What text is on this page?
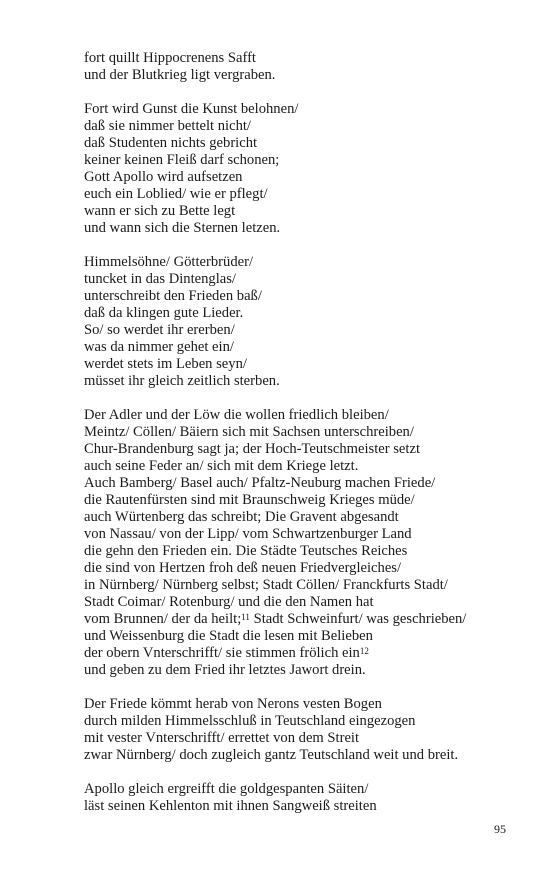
fort quillt Hippocrenens Safft
und der Blutkrieg ligt vergraben.
Fort wird Gunst die Kunst belohnen/
daß sie nimmer bettelt nicht/
daß Studenten nichts gebricht
keiner keinen Fleiß darf schonen;
Gott Apollo wird aufsetzen
euch ein Loblied/ wie er pflegt/
wann er sich zu Bette legt
und wann sich die Sternen letzen.
Himmelsöhne/ Götterbrüder/
tuncket in das Dintenglas/
unterschreibt den Frieden baß/
daß da klingen gute Lieder.
So/ so werdet ihr ererben/
was da nimmer gehet ein/
werdet stets im Leben seyn/
müsset ihr gleich zeitlich sterben.
Der Adler und der Löw die wollen friedlich bleiben/
Meintz/ Cöllen/ Bäiern sich mit Sachsen unterschreiben/
Chur-Brandenburg sagt ja; der Hoch-Teutschmeister setzt
auch seine Feder an/ sich mit dem Kriege letzt.
Auch Bamberg/ Basel auch/ Pfaltz-Neuburg machen Friede/
die Rautenfürsten sind mit Braunschweig Krieges müde/
auch Würtenberg das schreibt; Die Gravent abgesandt
von Nassau/ von der Lipp/ vom Schwartzenburger Land
die gehn den Frieden ein. Die Städte Teutsches Reiches
die sind von Hertzen froh deß neuen Friedvergleiches/
in Nürnberg/ Nürnberg selbst; Stadt Cöllen/ Franckfurts Stadt/
Stadt Coimar/ Rotenburg/ und die den Namen hat
vom Brunnen/ der da heilt;$^{11}$ Stadt Schweinfurt/ was geschrieben/
und Weissenburg die Stadt die lesen mit Belieben
der obern Vnterschrifft/ sie stimmen frölich ein$^{12}$
und geben zu dem Fried ihr letztes Jawort drein.
Der Friede kömmt herab von Nerons vesten Bogen
durch milden Himmelsschluß in Teutschland eingezogen
mit vester Vnterschrifft/ errettet von dem Streit
zwar Nürnberg/ doch zugleich gantz Teutschland weit und breit.
Apollo gleich ergreifft die goldgespanten Säiten/
läst seinen Kehlenton mit ihnen Sangweiß streiten
95
